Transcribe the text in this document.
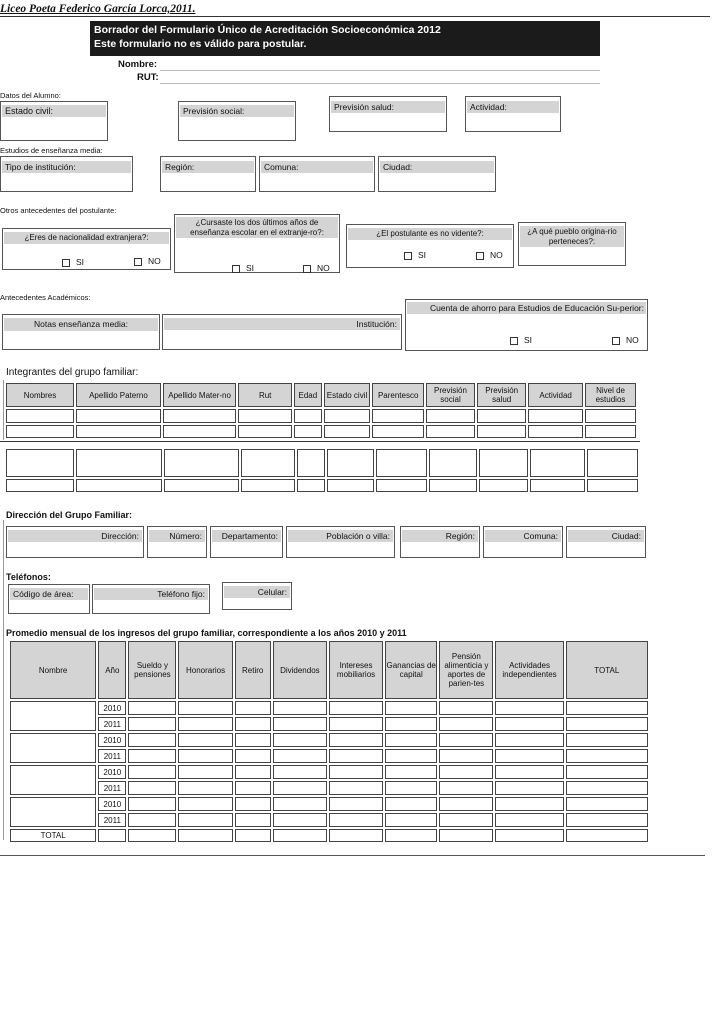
Liceo Poeta Federico García Lorca,2011.
Borrador del Formulario Único de Acreditación Socioeconómica 2012
Este formulario no es válido para postular.
Nombre:
RUT:
Datos del Alumno:
Estado civil:	Previsión social:	Previsión salud:	Actividad:
Estudios de enseñanza media:
Tipo de institución:	Región:	Comuna:	Ciudad:
Otros antecedentes del postulante:
¿Eres de nacionalidad extranjera?:
SI	NO
¿Cursaste los dos últimos años de enseñanza escolar en el extranje-ro?:
SI	NO
¿El postulante es no vidente?:
SI	NO
¿A qué pueblo origina-rio perteneces?:
Antecedentes Académicos:
Notas enseñanza media:	Institución:
Cuenta de ahorro para Estudios de Educación Su-perior:
SI	NO
Integrantes del grupo familiar:
Nombres	Apellido Paterno	Apellido Mater-no	Rut	Edad	Estado civil	Parentesco	Previsión social	Previsión salud	Actividad	Nivel de estudios

Dirección del Grupo Familiar:
Dirección:	Número:	Departamento:	Población o villa:	Región:	Comuna:	Ciudad:
Teléfonos:
Código de área:	Teléfono fijo:	Celular:
Promedio mensual de los ingresos del grupo familiar, correspondiente a los años 2010 y 2011
Nombre	Año	Sueldo y pensiones	Honorarios	Retiro	Dividendos	Intereses mobiliarios	Ganancias de capital	Pensión alimenticia y aportes de parien-tes	Actividades independientes	TOTAL
	2010									
	2011									
	2010									
	2011									
	2010									
	2011									
	2010									
	2011									
TOTAL										
